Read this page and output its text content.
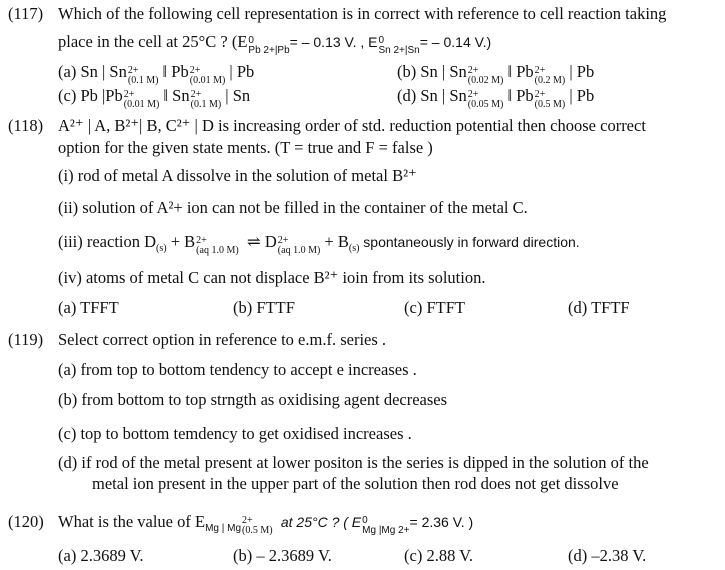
(117) Which of the following cell representation is in correct with reference to cell reaction taking
place in the cell at 25°C ? (E 0
Pb 2+|Pb
= – 0.13 V. , E 0
Sn 2+|Sn
= – 0.14 V.)
(a) Sn | Sn 2+
(0.1 M) ‖ Pb 2+
(0.01 M) | Pb	(b) Sn | Sn 2+
(0.02 M) ‖ Pb 2+
(0.2 M) | Pb
(c) Pb |Pb 2+
(0.01 M) ‖ Sn 2+
(0.1 M) | Sn	(d) Sn | Sn 2+
(0.05 M) ‖ Pb 2+
(0.5 M) | Pb
(118) A²⁺ | A, B²⁺| B, C²⁺ | D is increasing order of std. reduction potential then choose correct
option for the given state ments. (T = true and F = false )
(i) rod of metal A dissolve in the solution of metal B²⁺
(ii) solution of A²+ ion can not be filled in the container of the metal C.
(iii) reaction $D_{(s)} + B$ 2+
(aq 1.0 M) ⇌ D 2+
(aq 1.0 $M) + B_{(s)}$ spontaneously in forward direction.
(iv) atoms of metal C can not displace B²⁺ ioin from its solution.
(a) TFFT	(b) FTTF	(c) FTFT	(d) TFTF
(119) Select correct option in reference to e.m.f. series .
(a) from top to bottom tendency to accept e increases .
(b) from bottom to top strngth as oxidising agent decreases
(c) top to bottom temdency to get oxidised increases .
(d) if rod of the metal present at lower positon is the series is dipped in the solution of the
metal ion present in the upper part of the solution then rod does not get dissolve
(120) What is the value of $E_{Mg | Mg}$
2+
(0.5 M)
at 25°C ? ( E 0
Mg |Mg 2+
= 2.36 V. )
(a) 2.3689 V.	(b) – 2.3689 V.	(c) 2.88 V.	(d) –2.38 V.
